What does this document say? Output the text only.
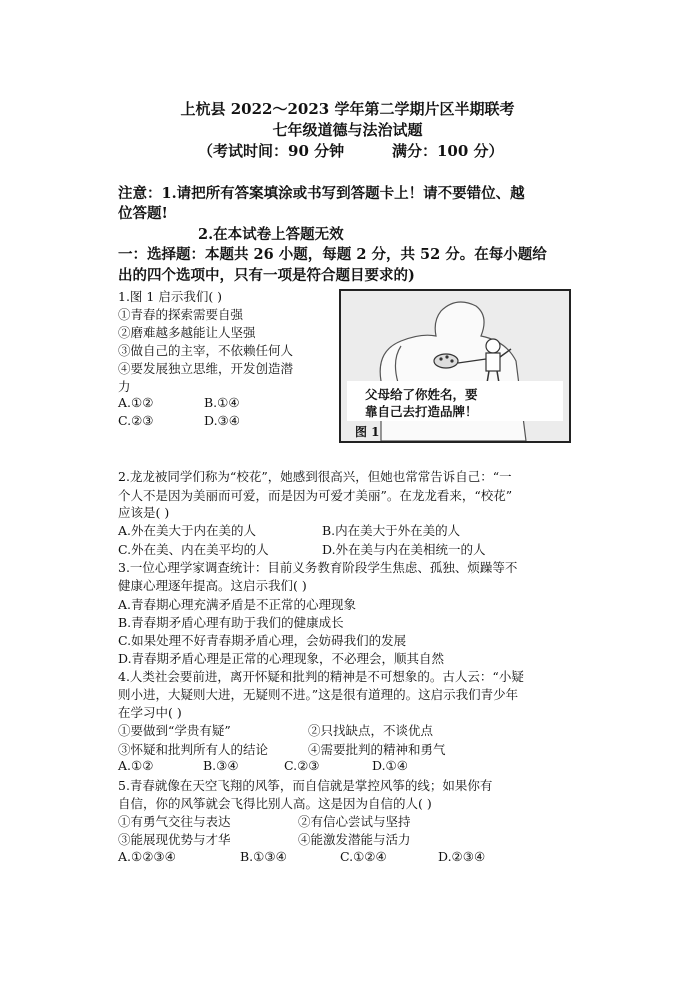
上杭县 2022～2023 学年第二学期片区半期联考
七年级道德与法治试题
（考试时间：90 分钟	满分：100 分）
注意：1.请把所有答案填涂或书写到答题卡上！请不要错位、越
位答题!
2.在本试卷上答题无效
一：选择题：本题共 26 小题，每题 2 分，共 52 分。在每小题给
出的四个选项中，只有一项是符合题目要求的)
1.图 1 启示我们( )
①青春的探索需要自强
②磨难越多越能让人坚强
③做自己的主宰，不依赖任何人
④要发展独立思维，开发创造潜
力
A.①②	B.①④
C.②③	D.③④
父母给了你姓名，要
靠自己去打造品牌！
图 1
2.龙龙被同学们称为“校花”，她感到很高兴，但她也常常告诉自己：“一
个人不是因为美丽而可爱，而是因为可爱才美丽”。在龙龙看来，“校花”
应该是( )
A.外在美大于内在美的人	B.内在美大于外在美的人
C.外在美、内在美平均的人	D.外在美与内在美相统一的人
3.一位心理学家调查统计：目前义务教育阶段学生焦虑、孤独、烦躁等不
健康心理逐年提高。这启示我们( )
A.青春期心理充满矛盾是不正常的心理现象
B.青春期矛盾心理有助于我们的健康成长
C.如果处理不好青春期矛盾心理，会妨碍我们的发展
D.青春期矛盾心理是正常的心理现象，不必理会，顺其自然
4.人类社会要前进，离开怀疑和批判的精神是不可想象的。古人云：“小疑
则小进，大疑则大进，无疑则不进。”这是很有道理的。这启示我们青少年
在学习中( )
①要做到“学贵有疑”	②只找缺点，不谈优点
③怀疑和批判所有人的结论	④需要批判的精神和勇气
A.①②	B.③④	C.②③	D.①④
5.青春就像在天空飞翔的风筝，而自信就是掌控风筝的线；如果你有
自信，你的风筝就会飞得比别人高。这是因为自信的人( )
①有勇气交往与表达	②有信心尝试与坚持
③能展现优势与才华	④能激发潜能与活力
A.①②③④	B.①③④	C.①②④	D.②③④
